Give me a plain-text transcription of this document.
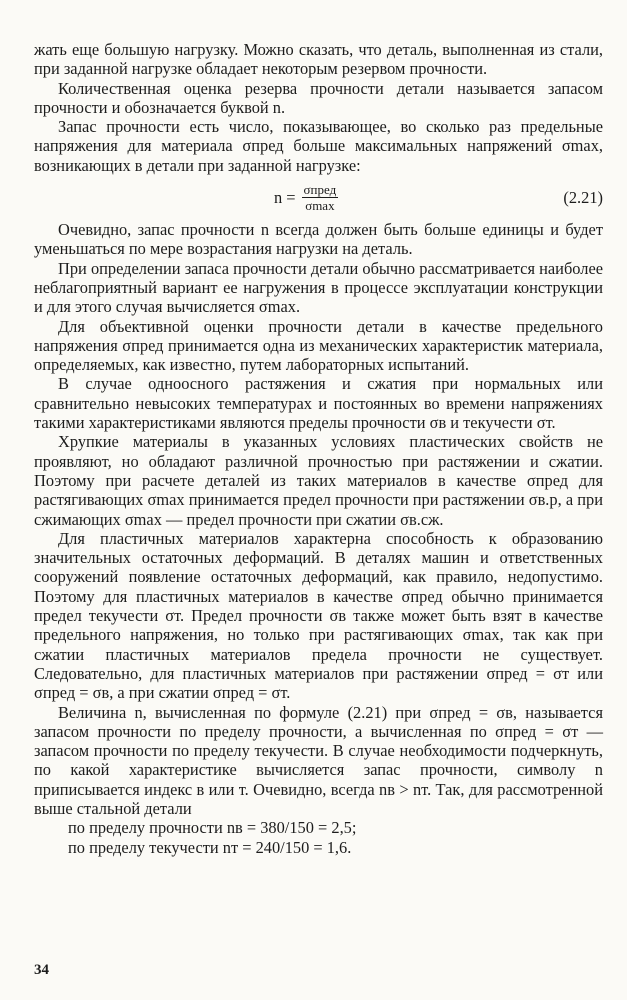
жать еще большую нагрузку. Можно сказать, что деталь, выполненная из стали, при заданной нагрузке обладает некоторым резервом прочности.

Количественная оценка резерва прочности детали называется запасом прочности и обозначается буквой n.

Запас прочности есть число, показывающее, во сколько раз предельные напряжения для материала σпред больше максимальных напряжений σmax, возникающих в детали при заданной нагрузке:

$n = \frac{\text{σпред}}{\sigma\max}$	(2.21)

Очевидно, запас прочности n всегда должен быть больше единицы и будет уменьшаться по мере возрастания нагрузки на деталь.

При определении запаса прочности детали обычно рассматривается наиболее неблагоприятный вариант ее нагружения в процессе эксплуатации конструкции и для этого случая вычисляется σmax.

Для объективной оценки прочности детали в качестве предельного напряжения σпред принимается одна из механических характеристик материала, определяемых, как известно, путем лабораторных испытаний.

В случае одноосного растяжения и сжатия при нормальных или сравнительно невысоких температурах и постоянных во времени напряжениях такими характеристиками являются пределы прочности σв и текучести σт.

Хрупкие материалы в указанных условиях пластических свойств не проявляют, но обладают различной прочностью при растяжении и сжатии. Поэтому при расчете деталей из таких материалов в качестве σпред для растягивающих σmax принимается предел прочности при растяжении σв.р, а при сжимающих σmax — предел прочности при сжатии σв.сж.

Для пластичных материалов характерна способность к образованию значительных остаточных деформаций. В деталях машин и ответственных сооружений появление остаточных деформаций, как правило, недопустимо. Поэтому для пластичных материалов в качестве σпред обычно принимается предел текучести σт. Предел прочности σв также может быть взят в качестве предельного напряжения, но только при растягивающих σmax, так как при сжатии пластичных материалов предела прочности не существует. Следовательно, для пластичных материалов при растяжении σпред = σт или σпред = σв, а при сжатии σпред = σт.

Величина n, вычисленная по формуле (2.21) при σпред = σв, называется запасом прочности по пределу прочности, а вычисленная по σпред = σт — запасом прочности по пределу текучести. В случае необходимости подчеркнуть, по какой характеристике вычисляется запас прочности, символу n приписывается индекс в или т. Очевидно, всегда nв > nт. Так, для рассмотренной выше стальной детали

по пределу прочности nв = 380/150 = 2,5;
по пределу текучести nт = 240/150 = 1,6.
34
